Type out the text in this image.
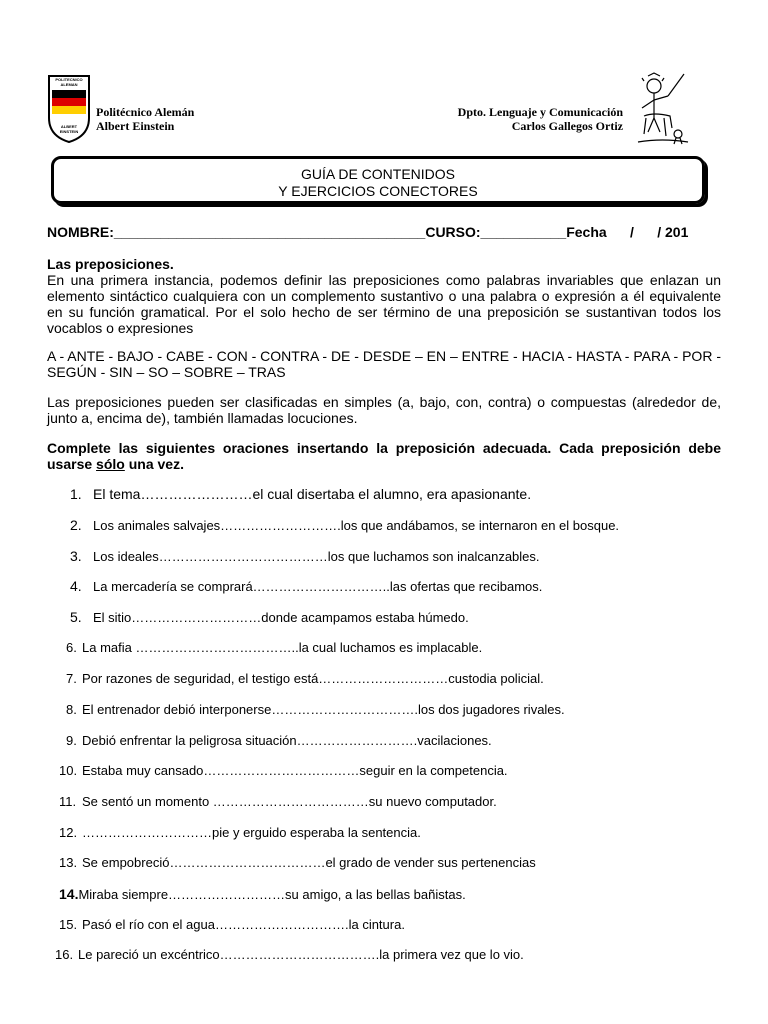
POLITECNICO ALEMAN
ALBERT EINSTEIN
Politécnico Alemán
Albert Einstein
Dpto. Lenguaje y Comunicación
Carlos Gallegos Ortiz
GUÍA DE CONTENIDOS
Y EJERCICIOS CONECTORES
NOMBRE:________________________________________CURSO:___________Fecha      /      / 201
Las preposiciones.
En una primera instancia, podemos definir las preposiciones como palabras invariables que enlazan un elemento sintáctico cualquiera con un complemento sustantivo o una palabra o expresión a él equivalente en su función gramatical. Por el solo hecho de ser término de una preposición se sustantivan todos los vocablos o expresiones
A - ANTE - BAJO - CABE - CON - CONTRA - DE - DESDE – EN – ENTRE - HACIA - HASTA - PARA - POR - SEGÚN - SIN – SO – SOBRE – TRAS
Las preposiciones pueden ser clasificadas en simples (a, bajo, con, contra) o compuestas (alrededor de, junto a, encima de), también llamadas locuciones.
Complete las siguientes oraciones insertando la preposición adecuada. Cada preposición debe usarse sólo una vez.
1. El tema……………………el cual disertaba el alumno, era apasionante.
2. Los animales salvajes……………………….los que andábamos, se internaron en el bosque.
3. Los ideales…………………………………los que luchamos son inalcanzables.
4. La mercadería se comprará…………………………..las ofertas que recibamos.
5. El sitio…………………………donde acampamos estaba húmedo.
6. La mafia ………………………………..la cual luchamos es implacable.
7. Por razones de seguridad, el testigo está…………………………custodia policial.
8. El entrenador debió interponerse…………………………….los dos jugadores rivales.
9. Debió enfrentar la peligrosa situación……………………….vacilaciones.
10. Estaba muy cansado………………………………seguir en la competencia.
11. Se sentó un momento ………………………………su nuevo computador.
12. …………………………pie y erguido esperaba la sentencia.
13. Se empobreció………………………………el grado de vender sus pertenencias
14.Miraba siempre………………………su amigo, a las bellas bañistas.
15. Pasó el río con el agua………………………….la cintura.
16. Le pareció un excéntrico……………………………….la primera vez que lo vio.
